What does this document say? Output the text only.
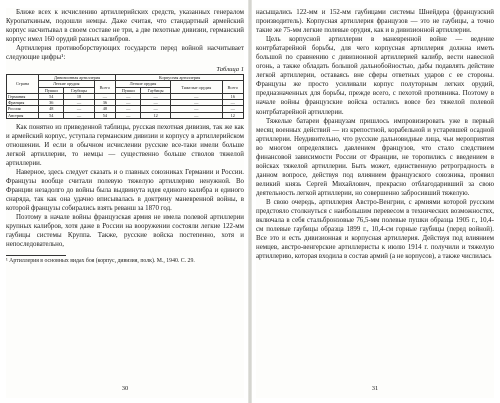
Ближе всех к исчислению артиллерийских средств, указанных генералом Куропаткиным, подошли немцы. Даже считая, что стандартный армейский корпус насчитывал в своем составе не три, а две пехотные дивизии, германский корпус имел 160 орудий разных калибров.

Артиллерия противоборствующих государств перед войной насчитывает следующие цифры¹:

Таблица 1
Страна	Дивизионная артиллерия			Корпусная артиллерия			
	Легкие орудия		Всего	Легкие орудия		Тяжелые орудия	Всего
	Пушки	Гаубицы		Пушки	Гаубицы		
Германия	54	18	—	—	—	—	16
Франция	36	—	36	—	—	—	—
Россия	48	—	48	—	—	—	—
Австрия	54	—	54	—	12	—	12

Как понятно из приведенной таблицы, русская пехотная дивизия, так же как и армейский корпус, уступала германским дивизии и корпусу в артиллерийском отношении. И если в обычном исчислении русские все-таки имели больше легкой артиллерии, то немцы — существенно больше стволов тяжелой артиллерии.

Наверное, здесь следует сказать и о главных союзниках Германии и России. Французы вообще считали полевую тяжелую артиллерию ненужной. Во Франции незадолго до войны была выдвинута идея единого калибра и единого снаряда, так как она удачно вписывалась в доктрину маневренной войны, в которой французы собирались взять реванш за 1870 год.

Поэтому в начале войны французская армия не имела полевой артиллерии крупных калибров, хотя даже в России на вооружении состояли легкие 122-мм гаубицы системы Круппа. Также, русские войска постепенно, хотя и непоследовательно,

¹ Артиллерия в основных видах боя (корпус, дивизия, полк). М., 1940. С. 29.

30

насыщались 122-мм и 152-мм гаубицами системы Шнейдера (французский производитель). Корпусная артиллерия французов — это не гаубицы, а точно такие же 75-мм легкие полевые орудия, как и в дивизионной артиллерии.

Цель корпусной артиллерии в маневренной войне — ведение контрбатарейной борьбы, для чего корпусная артиллерия должна иметь большой по сравнению с дивизионной артиллерией калибр, вести навесной огонь, а также обладать большой дальнобойностью, дабы подавлять действие легкой артиллерии, оставаясь вне сферы ответных ударов с ее стороны. Французы же просто усиливали корпус полуторным легких орудий, предназначенных для борьбы, прежде всего, с пехотой противника. Поэтому в начале войны французские войска остались вовсе без тяжелой полевой контрбатарейной артиллерии.

Тяжелые батареи французам пришлось импровизировать уже в первый месяц военных действий — из крепостной, корабельной и устаревшей осадной артиллерии. Неудивительно, что русские дальновидные лица, чьи мероприятия во многом определялись давлением французов, что стало следствием финансовой зависимости России от Франции, не торопились с введением в войсках тяжелой артиллерии. Быть может, единственную ретроградность в данном вопросе, действуя под влиянием французского союзника, проявил великий князь Сергей Михайлович, прекрасно отблагодаривший за свою деятельность легкой артиллерии, но совершенно забросивший тяжелую.

В свою очередь, артиллерия Австро-Венгрии, с армиями которой русским предстояло столкнуться с наибольшим перевесом в технических возможностях, включала в себя стальбронзовые 76,5-мм полевые пушки образца 1905 г., 10,4-см полевые гаубицы образца 1899 г., 10,4-см горные гаубицы (перед войной). Все это и есть дивизионная и корпусная артиллерия. Действуя под влиянием немцев, австро-венгерские артиллеристы к июлю 1914 г. получили и тяжелую артиллерию, которая входила в состав армий (а не корпусов), а также числилась

31
